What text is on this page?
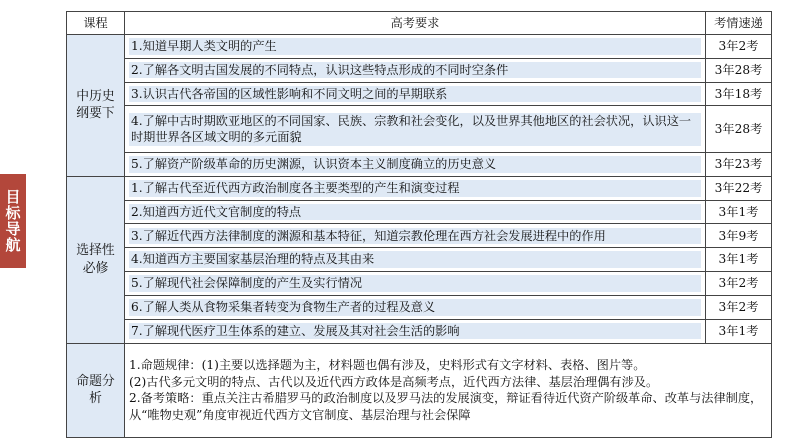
目标导航
课程	高考要求	考情速递
中历史纲要下	1.知道早期人类文明的产生	3年2考

	2.了解各文明古国发展的不同特点，认识这些特点形成的不同时空条件	3年28考

	3.认识古代各帝国的区域性影响和不同文明之间的早期联系	3年18考

	4.了解中古时期欧亚地区的不同国家、民族、宗教和社会变化，以及世界其他地区的社会状况，认识这一时期世界各区域文明的多元面貌	3年28考

	5.了解资产阶级革命的历史渊源，认识资本主义制度确立的历史意义	3年23考
选择性必修	1.了解古代至近代西方政治制度各主要类型的产生和演变过程	3年22考

	2.知道西方近代文官制度的特点	3年1考

	3.了解近代西方法律制度的渊源和基本特征，知道宗教伦理在西方社会发展进程中的作用	3年9考

	4.知道西方主要国家基层治理的特点及其由来	3年1考

	5.了解现代社会保障制度的产生及实行情况	3年2考

	6.了解人类从食物采集者转变为食物生产者的过程及意义	3年2考

	7.了解现代医疗卫生体系的建立、发展及其对社会生活的影响	3年1考
命题分析	1.命题规律：(1)主要以选择题为主，材料题也偶有涉及，史料形式有文字材料、表格、图片等。
(2)古代多元文明的特点、古代以及近代西方政体是高频考点，近代西方法律、基层治理偶有涉及。
2.备考策略：重点关注古希腊罗马的政治制度以及罗马法的发展演变，辩证看待近代资产阶级革命、改革与法律制度，从“唯物史观”角度审视近代西方文官制度、基层治理与社会保障	
